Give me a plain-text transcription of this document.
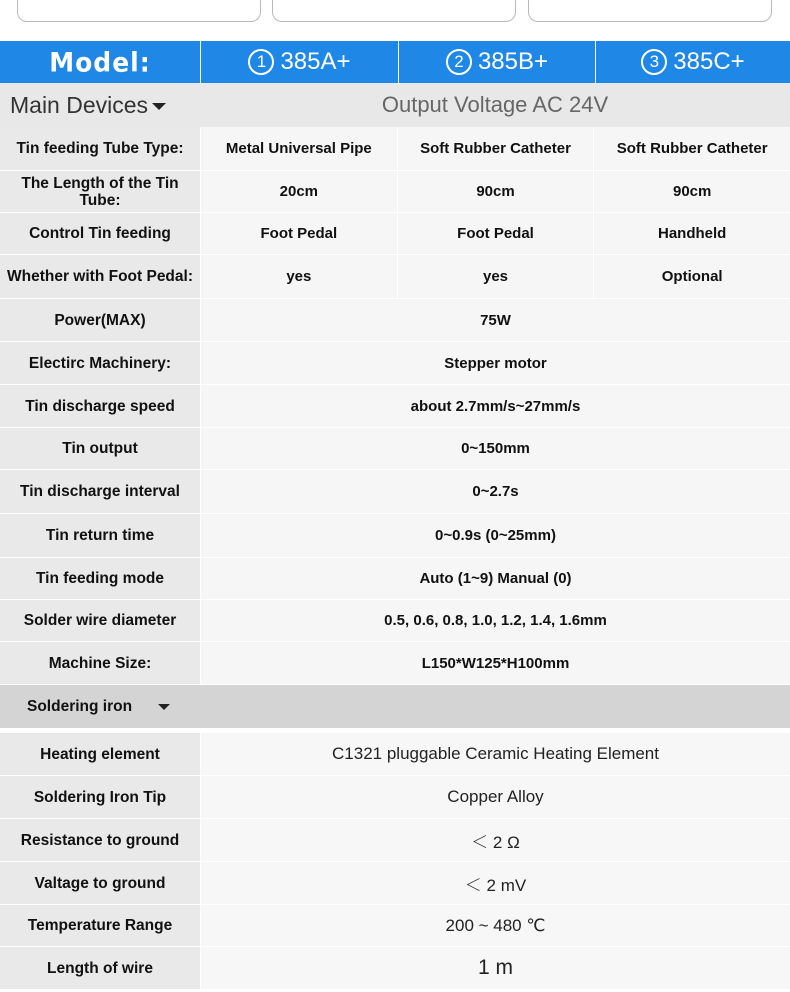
Model:	1 385A+	2 385B+	3 385C+
Main Devices	Output Voltage AC 24V
Tin feeding Tube Type:	Metal Universal Pipe	Soft Rubber Catheter	Soft Rubber Catheter
The Length of the Tin Tube:	20cm	90cm	90cm
Control Tin feeding	Foot Pedal	Foot Pedal	Handheld
Whether with Foot Pedal:	yes	yes	Optional
Power(MAX)	75W
Electirc Machinery:	Stepper motor
Tin discharge speed	about 2.7mm/s~27mm/s
Tin output	0~150mm
Tin discharge interval	0~2.7s
Tin return time	0~0.9s (0~25mm)
Tin feeding mode	Auto (1~9) Manual (0)
Solder wire diameter	0.5, 0.6, 0.8, 1.0, 1.2, 1.4, 1.6mm
Machine Size:	L150*W125*H100mm
Soldering iron
Heating element	C1321 pluggable Ceramic Heating Element
Soldering Iron Tip	Copper Alloy
Resistance to ground	＜ 2 Ω
Valtage to ground	＜ 2 mV
Temperature Range	200 ~ 480 ℃
Length of wire	1 m
